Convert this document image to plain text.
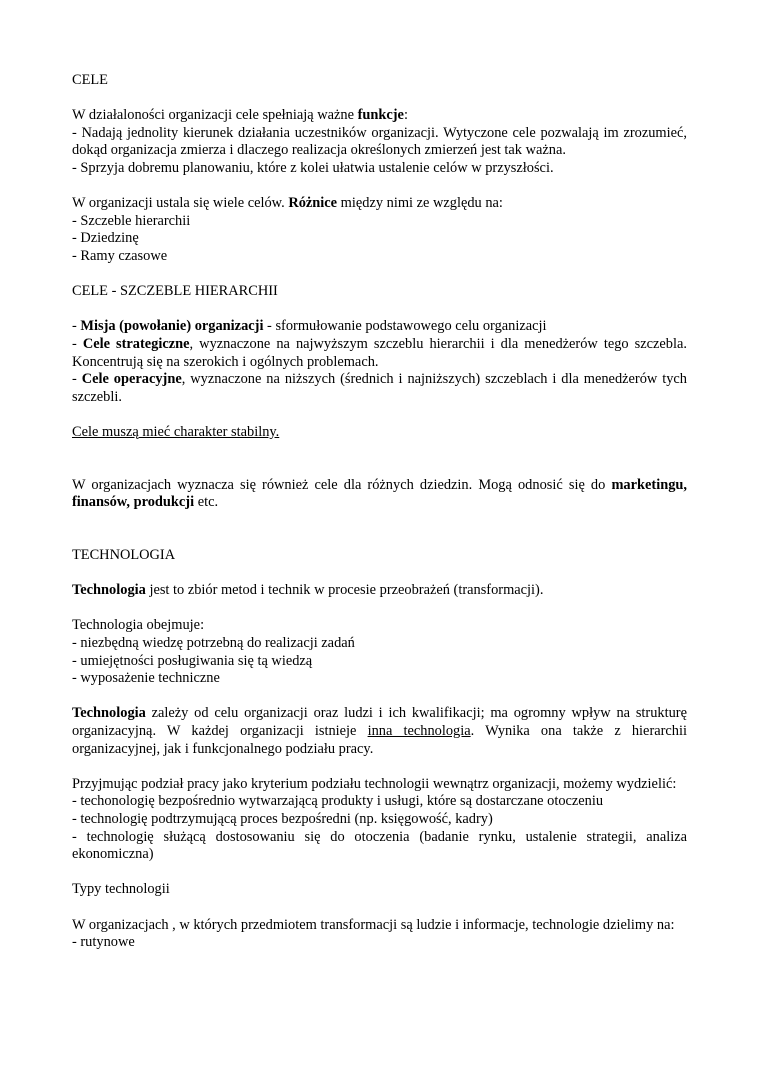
CELE
W działaloności organizacji cele spełniają ważne funkcje:
- Nadają jednolity kierunek działania uczestników organizacji. Wytyczone cele pozwalają im zrozumieć, dokąd organizacja zmierza i dlaczego realizacja określonych zmierzeń jest tak ważna.
- Sprzyja dobremu planowaniu, które z kolei ułatwia ustalenie celów w przyszłości.
W organizacji ustala się wiele celów. Różnice między nimi ze względu na:
- Szczeble hierarchii
- Dziedzinę
- Ramy czasowe
CELE - SZCZEBLE HIERARCHII
- Misja (powołanie) organizacji - sformułowanie podstawowego celu organizacji
- Cele strategiczne, wyznaczone na najwyższym szczeblu hierarchii i dla menedżerów tego szczebla. Koncentrują się na szerokich i ogólnych problemach.
- Cele operacyjne, wyznaczone na niższych (średnich i najniższych) szczeblach i dla menedżerów tych szczebli.
Cele muszą mieć charakter stabilny.
W organizacjach wyznacza się również cele dla różnych dziedzin. Mogą odnosić się do marketingu, finansów, produkcji etc.
TECHNOLOGIA
Technologia jest to zbiór metod i technik w procesie przeobrażeń (transformacji).
Technologia obejmuje:
- niezbędną wiedzę potrzebną do realizacji zadań
- umiejętności posługiwania się tą wiedzą
- wyposażenie techniczne
Technologia zależy od celu organizacji oraz ludzi i ich kwalifikacji; ma ogromny wpływ na strukturę organizacyjną. W każdej organizacji istnieje inna technologia. Wynika ona także z hierarchii organizacyjnej, jak i funkcjonalnego podziału pracy.
Przyjmując podział pracy jako kryterium podziału technologii wewnątrz organizacji, możemy wydzielić:
- techonologię bezpośrednio wytwarzającą produkty i usługi, które są dostarczane otoczeniu
- technologię podtrzymującą proces bezpośredni (np. księgowość, kadry)
- technologię służącą dostosowaniu się do otoczenia (badanie rynku, ustalenie strategii, analiza ekonomiczna)
Typy technologii
W organizacjach , w których przedmiotem transformacji są ludzie i informacje, technologie dzielimy na:
- rutynowe
